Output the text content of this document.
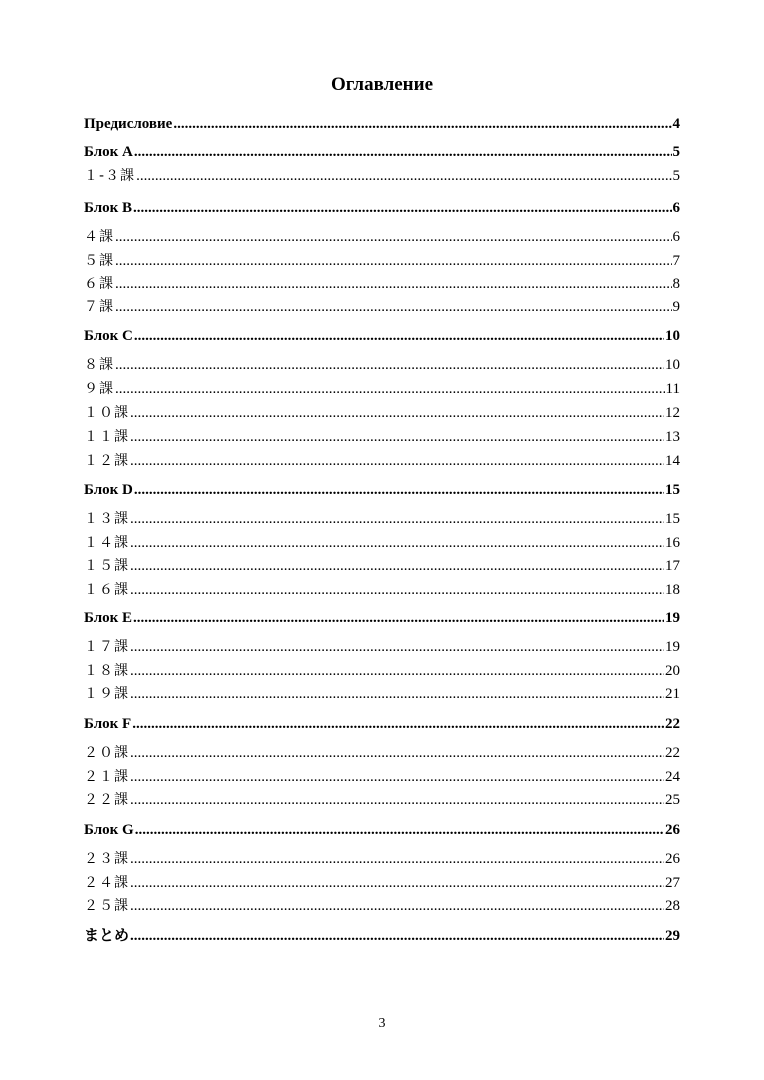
Оглавление
Предисловие .....	4
Блок А .....	5
１-３課 .....	5
Блок B .....	6
４課 .....	6
５課 .....	7
６課 .....	8
７課 .....	9
Блок C .....	10
８課 .....	10
９課 .....	11
１０課 .....	12
１１課 .....	13
１２課 .....	14
Блок D .....	15
１３課 .....	15
１４課 .....	16
１５課 .....	17
１６課 .....	18
Блок E .....	19
１７課 .....	19
１８課 .....	20
１９課 .....	21
Блок F .....	22
２０課 .....	22
２１課 .....	24
２２課 .....	25
Блок G .....	26
２３課 .....	26
２４課 .....	27
２５課 .....	28
まとめ .....	29
3
